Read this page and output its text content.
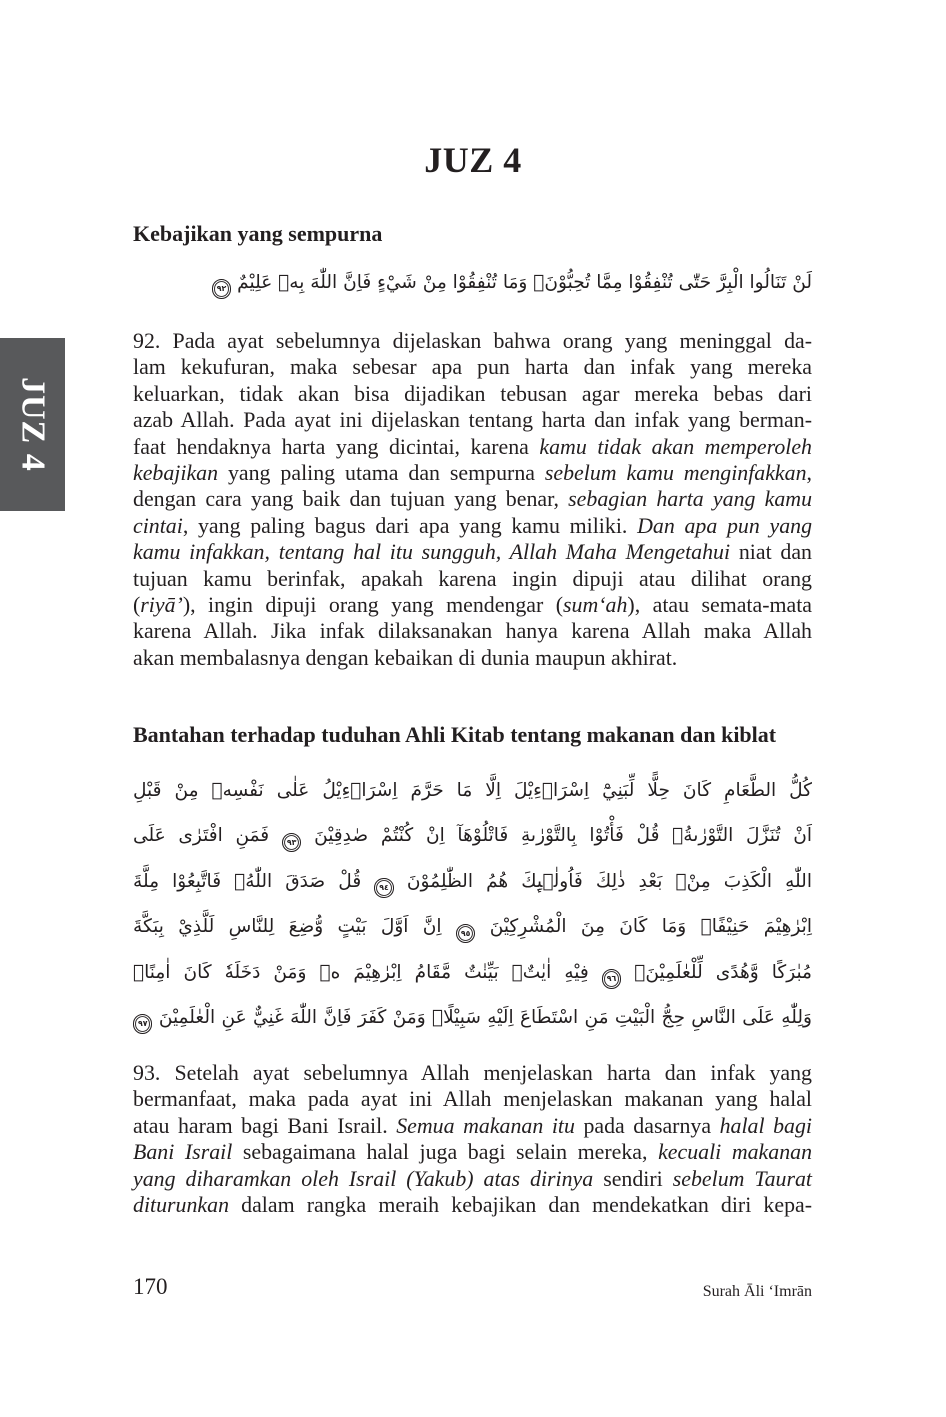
JUZ 4
JUZ 4
Kebajikan yang sempurna
لَنْ تَنَالُوا الْبِرَّ حَتّٰى تُنْفِقُوْا مِمَّا تُحِبُّوْنَۗ وَمَا تُنْفِقُوْا مِنْ شَيْءٍ فَاِنَّ اللّٰهَ بِهٖ عَلِيْمٌ
٩٢
92. Pada ayat sebelumnya dijelaskan bahwa orang yang meninggal da-
lam kekufuran, maka sebesar apa pun harta dan infak yang mereka
keluarkan, tidak akan bisa dijadikan tebusan agar mereka bebas dari
azab Allah. Pada ayat ini dijelaskan tentang harta dan infak yang berman-
faat hendaknya harta yang dicintai, karena kamu tidak akan memperoleh
kebajikan yang paling utama dan sempurna sebelum kamu menginfakkan,
dengan cara yang baik dan tujuan yang benar, sebagian harta yang kamu
cintai, yang paling bagus dari apa yang kamu miliki. Dan apa pun yang
kamu infakkan, tentang hal itu sungguh, Allah Maha Mengetahui niat dan
tujuan kamu berinfak, apakah karena ingin dipuji atau dilihat orang
(riyā’), ingin dipuji orang yang mendengar (sum‘ah), atau semata-mata
karena Allah. Jika infak dilaksanakan hanya karena Allah maka Allah
akan membalasnya dengan kebaikan di dunia maupun akhirat.
Bantahan terhadap tuduhan Ahli Kitab tentang makanan dan kiblat
كُلُّ الطَّعَامِ كَانَ حِلًّا لِّبَنِيْٓ اِسْرَاۤءِيْلَ اِلَّا مَا حَرَّمَ اِسْرَاۤءِيْلُ عَلٰى نَفْسِهٖ مِنْ قَبْلِ
اَنْ تُنَزَّلَ التَّوْرٰىةُۗ قُلْ فَأْتُوْا بِالتَّوْرٰىةِ فَاتْلُوْهَآ اِنْ كُنْتُمْ صٰدِقِيْنَ
٩٣
فَمَنِ افْتَرٰى عَلَى
اللّٰهِ الْكَذِبَ مِنْۢ بَعْدِ ذٰلِكَ فَاُولٰۤىِٕكَ هُمُ الظّٰلِمُوْنَ
٩٤
قُلْ صَدَقَ اللّٰهُۗ فَاتَّبِعُوْا مِلَّةَ
اِبْرٰهِيْمَ حَنِيْفًاۗ وَمَا كَانَ مِنَ الْمُشْرِكِيْنَ
٩٥
اِنَّ اَوَّلَ بَيْتٍ وُّضِعَ لِلنَّاسِ لَلَّذِيْ بِبَكَّةَ
مُبٰرَكًا وَّهُدًى لِّلْعٰلَمِيْنَۚ
٩٦
فِيْهِ اٰيٰتٌۢ بَيِّنٰتٌ مَّقَامُ اِبْرٰهِيْمَ ەۚ وَمَنْ دَخَلَهٗ كَانَ اٰمِنًاۗ
وَلِلّٰهِ عَلَى النَّاسِ حِجُّ الْبَيْتِ مَنِ اسْتَطَاعَ اِلَيْهِ سَبِيْلًاۗ وَمَنْ كَفَرَ فَاِنَّ اللّٰهَ غَنِيٌّ عَنِ الْعٰلَمِيْنَ
٩٧
93. Setelah ayat sebelumnya Allah menjelaskan harta dan infak yang
bermanfaat, maka pada ayat ini Allah menjelaskan makanan yang halal
atau haram bagi Bani Israil. Semua makanan itu pada dasarnya halal bagi
Bani Israil sebagaimana halal juga bagi selain mereka, kecuali makanan
yang diharamkan oleh Israil (Yakub) atas dirinya sendiri sebelum Taurat
diturunkan dalam rangka meraih kebajikan dan mendekatkan diri kepa-
170	Surah Āli ‘Imrān
